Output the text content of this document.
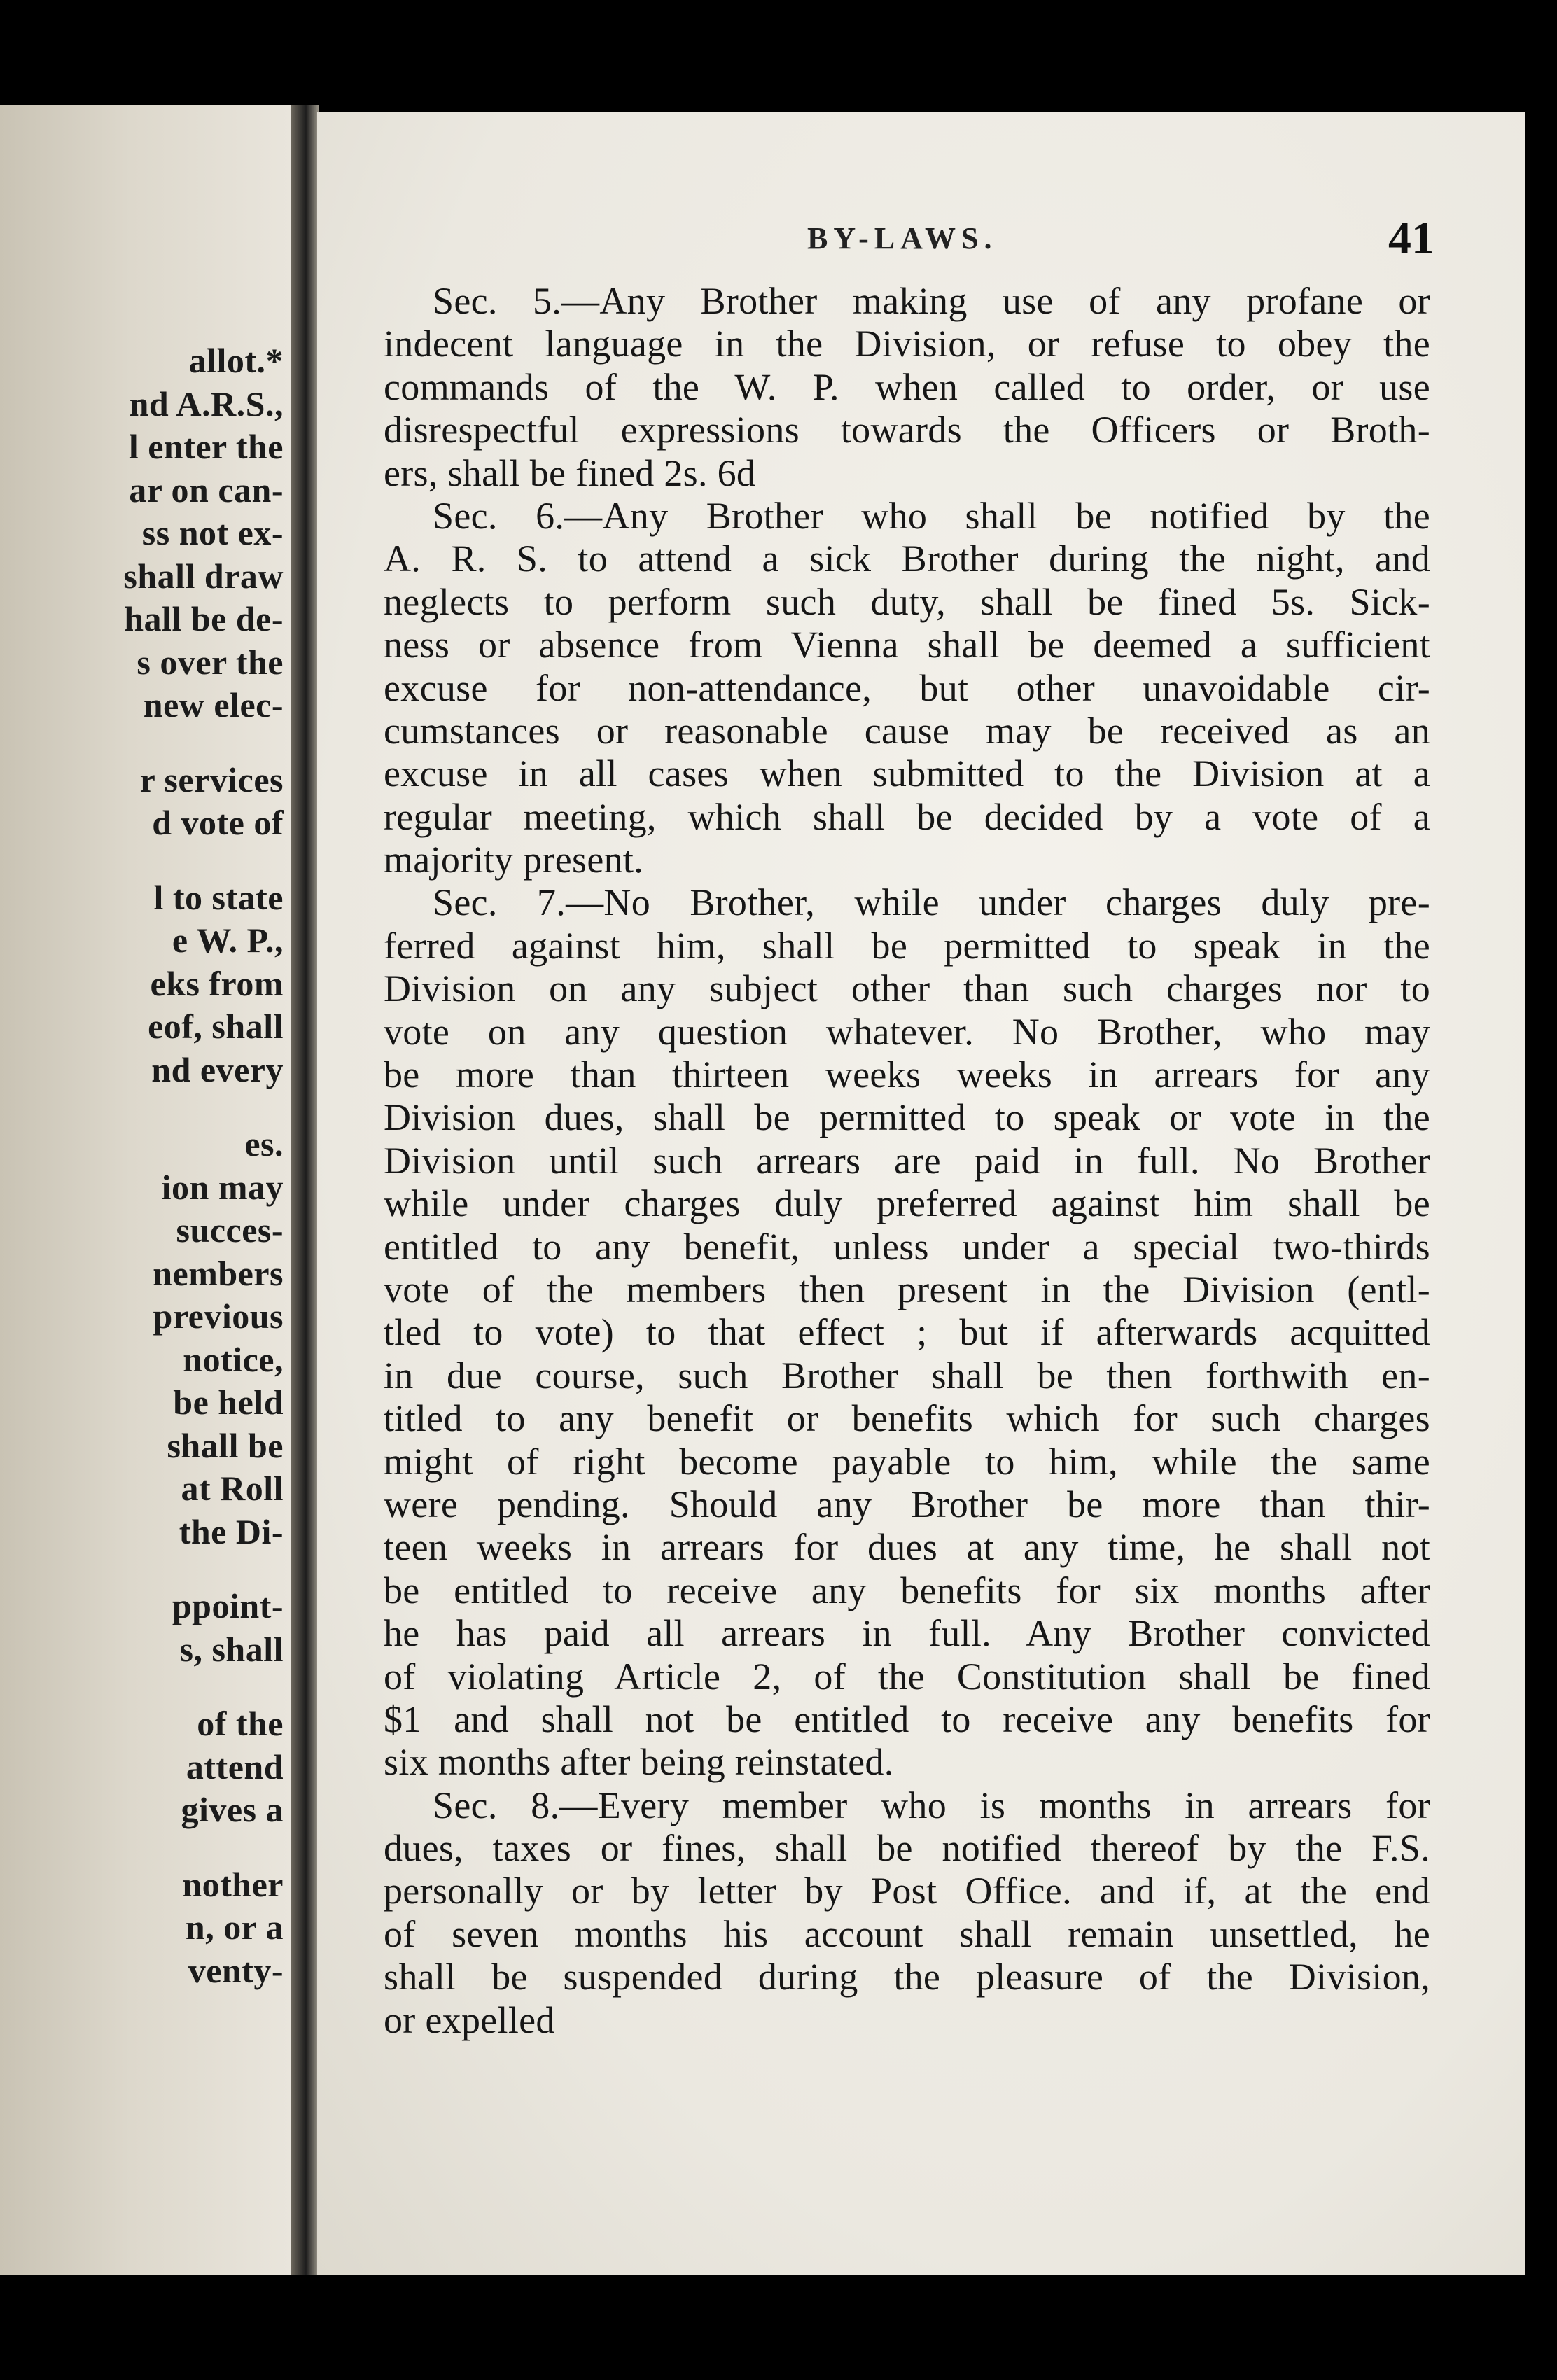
allot.*
nd A.R.S.,
l enter the
ar on can-
ss not ex-
shall draw
hall be de-
s over the
new elec-
r services
d vote of
l to state
e W. P.,
eks from
eof, shall
nd every
es.
ion may
succes-
nembers
previous
notice,
be held
shall be
at Roll
the Di-
ppoint-
s, shall
of the
attend
gives a
nother
n, or a
venty-
BY-LAWS.	41
Sec. 5.—Any Brother making use of any profane or
indecent language in the Division, or refuse to obey the
commands of the W. P. when called to order, or use
disrespectful expressions towards the Officers or Broth-
ers, shall be fined 2s. 6d
Sec. 6.—Any Brother who shall be notified by the
A. R. S. to attend a sick Brother during the night, and
neglects to perform such duty, shall be fined 5s. Sick-
ness or absence from Vienna shall be deemed a sufficient
excuse for non-attendance, but other unavoidable cir-
cumstances or reasonable cause may be received as an
excuse in all cases when submitted to the Division at a
regular meeting, which shall be decided by a vote of a
majority present.
Sec. 7.—No Brother, while under charges duly pre-
ferred against him, shall be permitted to speak in the
Division on any subject other than such charges nor to
vote on any question whatever. No Brother, who may
be more than thirteen weeks weeks in arrears for any
Division dues, shall be permitted to speak or vote in the
Division until such arrears are paid in full. No Brother
while under charges duly preferred against him shall be
entitled to any benefit, unless under a special two-thirds
vote of the members then present in the Division (entl-
tled to vote) to that effect ; but if afterwards acquitted
in due course, such Brother shall be then forthwith en-
titled to any benefit or benefits which for such charges
might of right become payable to him, while the same
were pending. Should any Brother be more than thir-
teen weeks in arrears for dues at any time, he shall not
be entitled to receive any benefits for six months after
he has paid all arrears in full. Any Brother convicted
of violating Article 2, of the Constitution shall be fined
$1 and shall not be entitled to receive any benefits for
six months after being reinstated.
Sec. 8.—Every member who is months in arrears for
dues, taxes or fines, shall be notified thereof by the F.S.
personally or by letter by Post Office. and if, at the end
of seven months his account shall remain unsettled, he
shall be suspended during the pleasure of the Division,
or expelled
